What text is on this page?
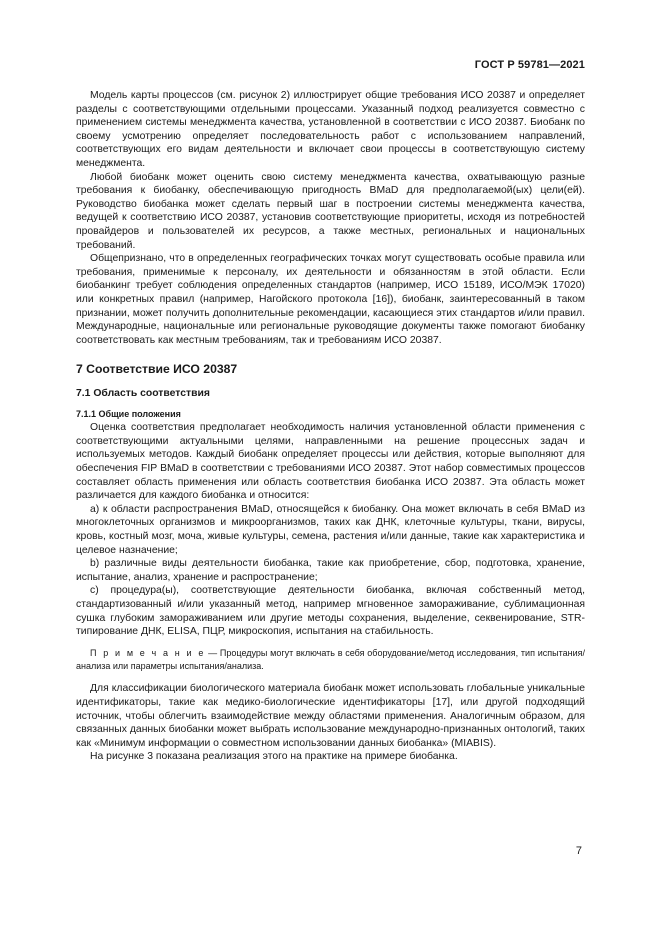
ГОСТ Р 59781—2021

Модель карты процессов (см. рисунок 2) иллюстрирует общие требования ИСО 20387 и определяет разделы с соответствующими отдельными процессами. Указанный подход реализуется совместно с применением системы менеджмента качества, установленной в соответствии с ИСО 20387. Биобанк по своему усмотрению определяет последовательность работ с использованием направлений, соответствующих его видам деятельности и включает свои процессы в соответствующую систему менеджмента.

Любой биобанк может оценить свою систему менеджмента качества, охватывающую разные требования к биобанку, обеспечивающую пригодность BMaD для предполагаемой(ых) цели(ей). Руководство биобанка может сделать первый шаг в построении системы менеджмента качества, ведущей к соответствию ИСО 20387, установив соответствующие приоритеты, исходя из потребностей провайдеров и пользователей их ресурсов, а также местных, региональных и национальных требований.

Общепризнано, что в определенных географических точках могут существовать особые правила или требования, применимые к персоналу, их деятельности и обязанностям в этой области. Если биобанкинг требует соблюдения определенных стандартов (например, ИСО 15189, ИСО/МЭК 17020) или конкретных правил (например, Нагойского протокола [16]), биобанк, заинтересованный в таком признании, может получить дополнительные рекомендации, касающиеся этих стандартов и/или правил. Международные, национальные или региональные руководящие документы также помогают биобанку соответствовать как местным требованиям, так и требованиям ИСО 20387.

7 Соответствие ИСО 20387
7.1 Область соответствия
7.1.1 Общие положения

Оценка соответствия предполагает необходимость наличия установленной области применения с соответствующими актуальными целями, направленными на решение процессных задач и используемых методов. Каждый биобанк определяет процессы или действия, которые выполняют для обеспечения FIP BMaD в соответствии с требованиями ИСО 20387. Этот набор совместимых процессов составляет область применения или область соответствия биобанка ИСО 20387. Эта область может различается для каждого биобанка и относится:

а) к области распространения BMaD, относящейся к биобанку. Она может включать в себя BMaD из многоклеточных организмов и микроорганизмов, таких как ДНК, клеточные культуры, ткани, вирусы, кровь, костный мозг, моча, живые культуры, семена, растения и/или данные, такие как характеристика и целевое назначение;

b) различные виды деятельности биобанка, такие как приобретение, сбор, подготовка, хранение, испытание, анализ, хранение и распространение;

c) процедура(ы), соответствующие деятельности биобанка, включая собственный метод, стандартизованный и/или указанный метод, например мгновенное замораживание, сублимационная сушка глубоким замораживанием или другие методы сохранения, выделение, секвенирование, STR-типирование ДНК, ELISA, ПЦР, микроскопия, испытания на стабильность.

П р и м е ч а н и е — Процедуры могут включать в себя оборудование/метод исследования, тип испытания/анализа или параметры испытания/анализа.

Для классификации биологического материала биобанк может использовать глобальные уникальные идентификаторы, такие как медико-биологические идентификаторы [17], или другой подходящий источник, чтобы облегчить взаимодействие между областями применения. Аналогичным образом, для связанных данных биобанки может выбрать использование международно-признанных онтологий, таких как «Минимум информации о совместном использовании данных биобанка» (MIABIS).

На рисунке 3 показана реализация этого на практике на примере биобанка.

7
